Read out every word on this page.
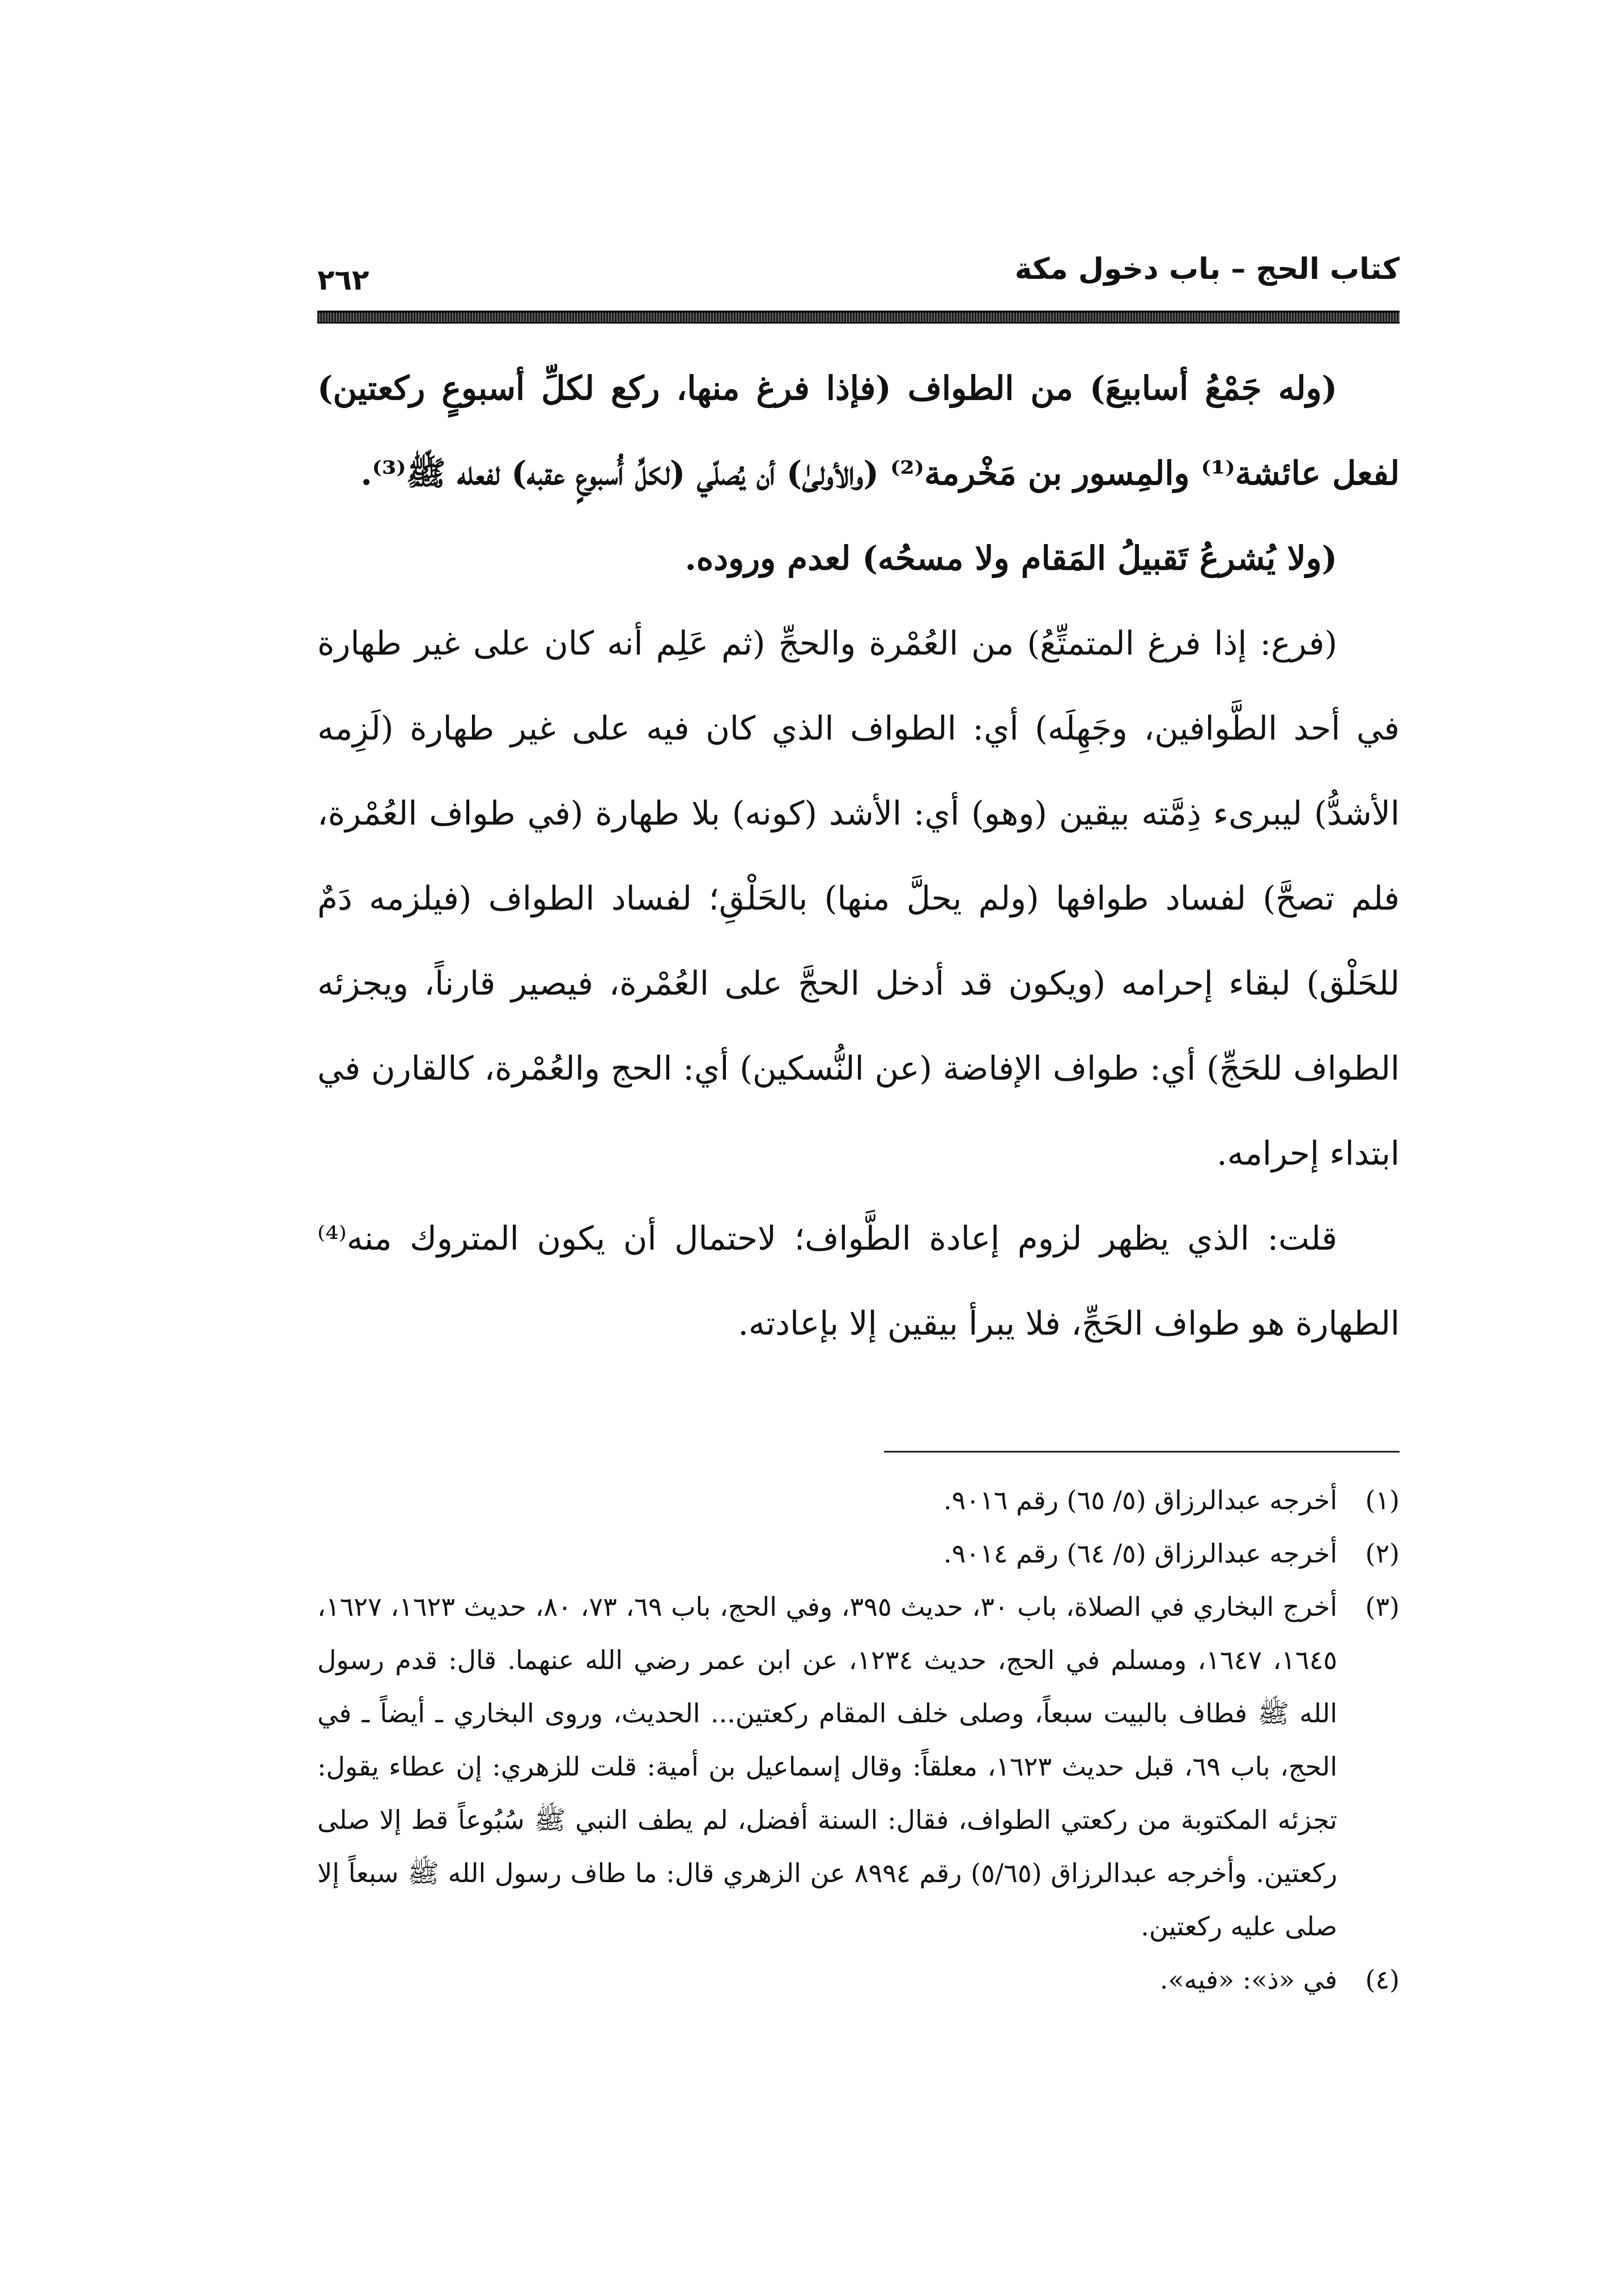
كتاب الحج – باب دخول مكة
٢٦٢

(وله جَمْعُ أسابيعَ) من الطواف (فإذا فرغ منها، ركع لكلِّ أسبوعٍ ركعتين) لفعل عائشة⁽¹⁾ والمِسور بن مَخْرمة⁽²⁾ (والأولىٰ) أن يُصلّي (لكلِّ أُسبوعٍ عقبه) لفعله ﷺ⁽³⁾.

(ولا يُشرعُ تَقبيلُ المَقام ولا مسحُه) لعدم وروده.

(فرع: إذا فرغ المتمتِّعُ) من العُمْرة والحجِّ (ثم عَلِم أنه كان على غير طهارة في أحد الطَّوافين، وجَهِلَه) أي: الطواف الذي كان فيه على غير طهارة (لَزِمه الأشدُّ) ليبرىء ذِمَّته بيقين (وهو) أي: الأشد (كونه) بلا طهارة (في طواف العُمْرة، فلم تصحَّ) لفساد طوافها (ولم يحلَّ منها) بالحَلْقِ؛ لفساد الطواف (فيلزمه دَمٌ للحَلْق) لبقاء إحرامه (ويكون قد أدخل الحجَّ على العُمْرة، فيصير قارناً، ويجزئه الطواف للحَجِّ) أي: طواف الإفاضة (عن النُّسكين) أي: الحج والعُمْرة، كالقارن في ابتداء إحرامه.

قلت: الذي يظهر لزوم إعادة الطَّواف؛ لاحتمال أن يكون المتروك منه⁽⁴⁾ الطهارة هو طواف الحَجِّ، فلا يبرأ بيقين إلا بإعادته.

(١)
أخرجه عبدالرزاق (٥/ ٦٥) رقم ٩٠١٦.
(٢)
أخرجه عبدالرزاق (٥/ ٦٤) رقم ٩٠١٤.
(٣)
أخرج البخاري في الصلاة، باب ٣٠، حديث ٣٩٥، وفي الحج، باب ٦٩، ٧٣، ٨٠، حديث ١٦٢٣، ١٦٢٧، ١٦٤٥، ١٦٤٧، ومسلم في الحج، حديث ١٢٣٤، عن ابن عمر رضي الله عنهما. قال: قدم رسول الله ﷺ فطاف بالبيت سبعاً، وصلى خلف المقام ركعتين... الحديث، وروى البخاري ـ أيضاً ـ في الحج، باب ٦٩، قبل حديث ١٦٢٣، معلقاً: وقال إسماعيل بن أمية: قلت للزهري: إن عطاء يقول: تجزئه المكتوبة من ركعتي الطواف، فقال: السنة أفضل، لم يطف النبي ﷺ سُبُوعاً قط إلا صلى ركعتين. وأخرجه عبدالرزاق (٥/٦٥) رقم ٨٩٩٤ عن الزهري قال: ما طاف رسول الله ﷺ سبعاً إلا صلى عليه ركعتين.
(٤)
في «ذ»: «فيه».
